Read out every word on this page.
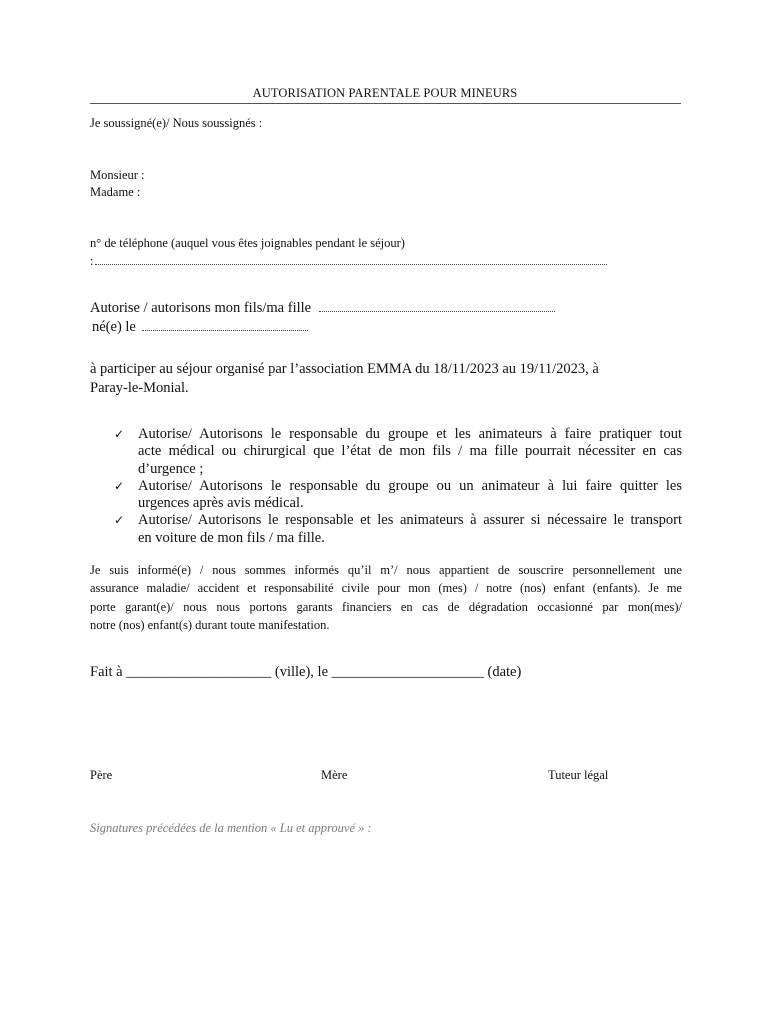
AUTORISATION PARENTALE POUR MINEURS
Je soussigné(e)/ Nous soussignés :
Monsieur :
Madame :
n° de téléphone (auquel vous êtes joignables pendant le séjour)
:
Autorise / autorisons mon fils/ma fille
né(e) le
à participer au séjour organisé par l’association EMMA du 18/11/2023 au 19/11/2023, à
Paray-le-Monial.
✓ Autorise/ Autorisons le responsable du groupe et les animateurs à faire pratiquer tout
acte médical ou chirurgical que l’état de mon fils / ma fille pourrait nécessiter en cas
d’urgence ;
✓ Autorise/ Autorisons le responsable du groupe ou un animateur à lui faire quitter les
urgences après avis médical.
✓ Autorise/ Autorisons le responsable et les animateurs à assurer si nécessaire le transport
en voiture de mon fils / ma fille.
Je suis informé(e) / nous sommes informés qu’il m’/ nous appartient de souscrire personnellement une
assurance maladie/ accident et responsabilité civile pour mon (mes) / notre (nos) enfant (enfants). Je me
porte garant(e)/ nous nous portons garants financiers en cas de dégradation occasionné par mon(mes)/
notre (nos) enfant(s) durant toute manifestation.
Fait à ____________________ (ville), le _____________________ (date)
Père	Mère	Tuteur légal
Signatures précédées de la mention « Lu et approuvé » :
